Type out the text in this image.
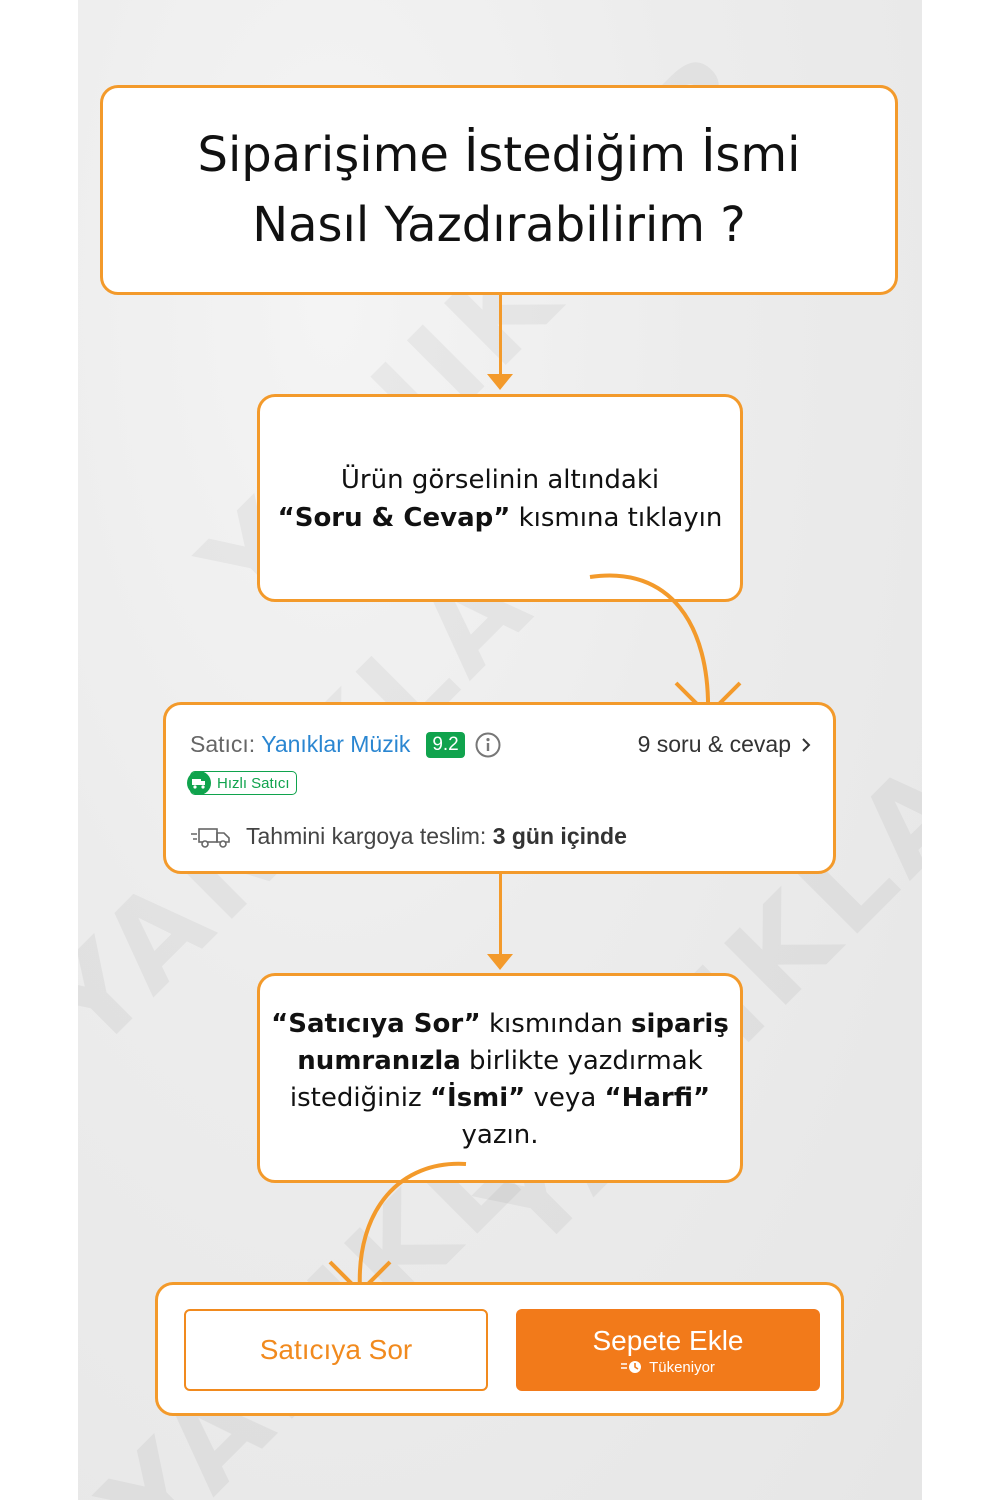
Siparişime İstediğim İsmi
Nasıl Yazdırabilirim ?
Ürün görselinin altındaki
“Soru & Cevap” kısmına tıklayın
Satıcı: Yanıklar Müzik	9.2	9 soru & cevap
Hızlı Satıcı
Tahmini kargoya teslim: 3 gün içinde
“Satıcıya Sor” kısmından sipariş
numranızla birlikte yazdırmak
istediğiniz “İsmi” veya “Harfi”
yazın.
Satıcıya Sor	Sepete Ekle
Tükeniyor
